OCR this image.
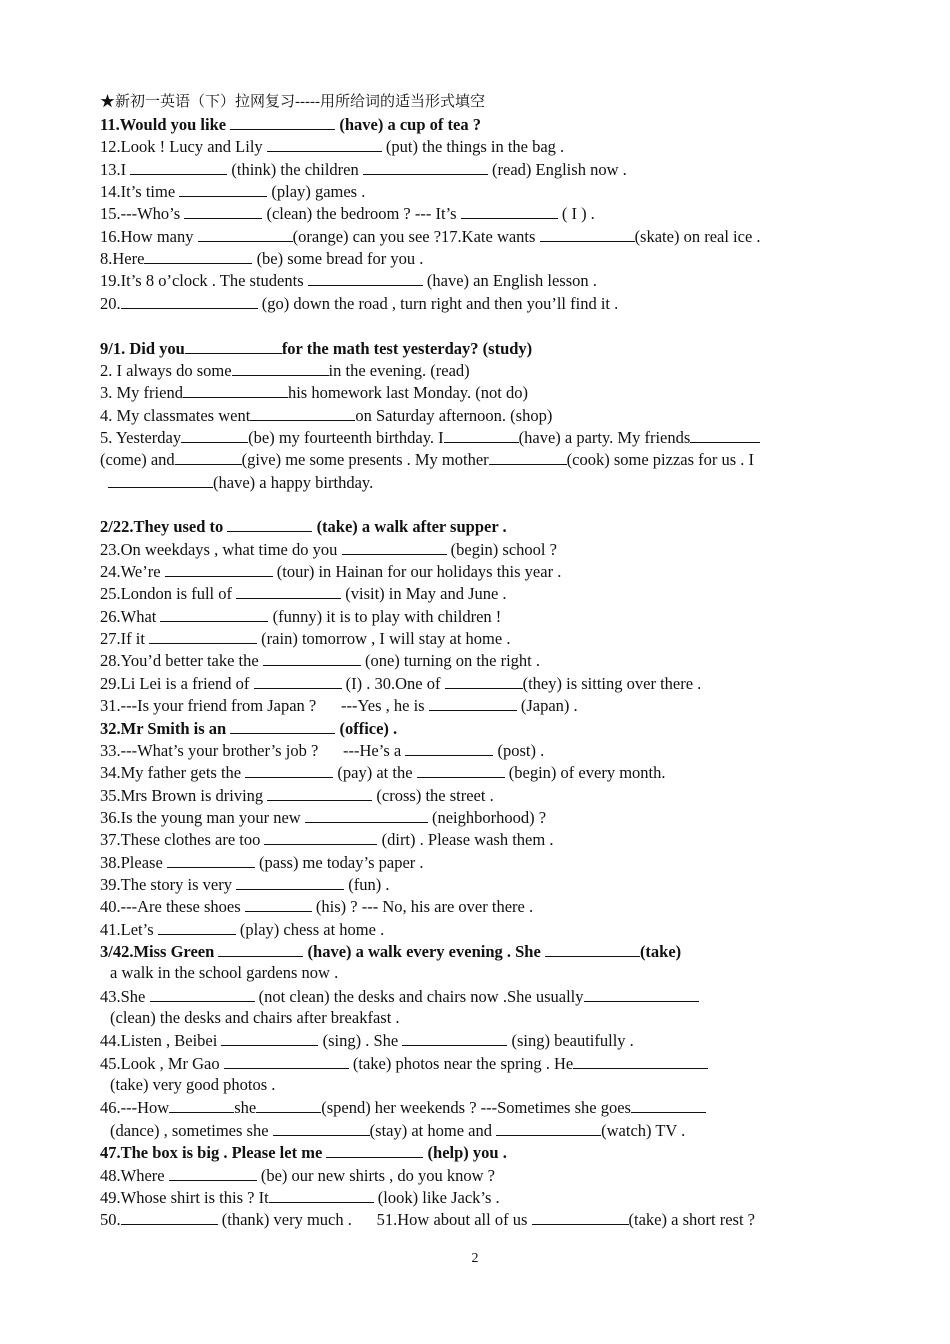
★新初一英语（下）拉网复习-----用所给词的适当形式填空
11.Would you like	(have) a cup of tea ?
12.Look ! Lucy and Lily	(put) the things in the bag .
13.I	(think) the children	(read) English now .
14.It’s time	(play) games .
15.---Who’s	(clean) the bedroom ? --- It’s	( I ) .
16.How many	(orange) can you see ?17.Kate wants	(skate) on real ice .
8.Here	(be) some bread for you .
19.It’s 8 o’clock . The students	(have) an English lesson .
20.	(go) down the road , turn right and then you’ll find it .
9/1. Did you	for the math test yesterday? (study)
2. I always do some	in the evening. (read)
3. My friend	his homework last Monday. (not do)
4. My classmates went	on Saturday afternoon. (shop)
5. Yesterday	(be) my fourteenth birthday. I	(have) a party. My friends
(come) and	(give) me some presents . My mother	(cook) some pizzas for us . I
(have) a happy birthday.
2/22.They used to	(take) a walk after supper .
23.On weekdays , what time do you	(begin) school ?
24.We’re	(tour) in Hainan for our holidays this year .
25.London is full of	(visit) in May and June .
26.What	(funny) it is to play with children !
27.If it	(rain) tomorrow , I will stay at home .
28.You’d better take the	(one) turning on the right .
29.Li Lei is a friend of	(I) . 30.One of	(they) is sitting over there .
31.---Is your friend from Japan ?      ---Yes , he is	(Japan) .
32.Mr Smith is an	(office) .
33.---What’s your brother’s job ?      ---He’s a	(post) .
34.My father gets the	(pay) at the	(begin) of every month.
35.Mrs Brown is driving	(cross) the street .
36.Is the young man your new	(neighborhood) ?
37.These clothes are too	(dirt) . Please wash them .
38.Please	(pass) me today’s paper .
39.The story is very	(fun) .
40.---Are these shoes	(his) ? --- No, his are over there .
41.Let’s	(play) chess at home .
3/42.Miss Green	(have) a walk every evening . She	(take)
a walk in the school gardens now .
43.She	(not clean) the desks and chairs now .She usually
(clean) the desks and chairs after breakfast .
44.Listen , Beibei	(sing) . She	(sing) beautifully .
45.Look , Mr Gao	(take) photos near the spring . He
(take) very good photos .
46.---How	she	(spend) her weekends ? ---Sometimes she goes
(dance) , sometimes she	(stay) at home and	(watch) TV .
47.The box is big . Please let me	(help) you .
48.Where	(be) our new shirts , do you know ?
49.Whose shirt is this ? It	(look) like Jack’s .
50.	(thank) very much .      51.How about all of us	(take) a short rest ?
2
